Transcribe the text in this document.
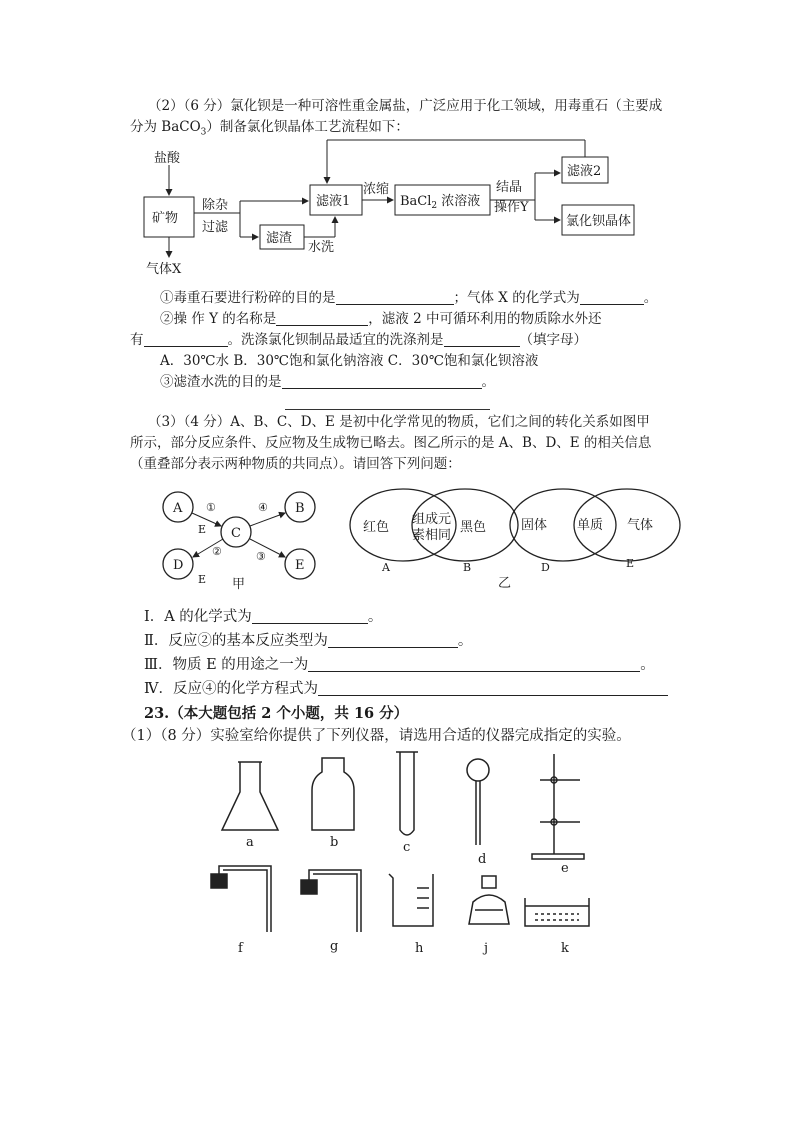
（2）（6 分）氯化钡是一种可溶性重金属盐，广泛应用于化工领域，用毒重石（主要成
分为 BaCO$_3$）制备氯化钡晶体工艺流程如下：
盐酸
矿物
除杂
过滤
气体X
滤液1
滤渣
水洗
浓缩
BaCl$_2$ 浓溶液
结晶
操作Y
滤液2
氯化钡晶体
①毒重石要进行粉碎的目的是	；气体 X 的化学式为	。
②操 作 Y 的名称是	，滤液 2 中可循环利用的物质除水外还
有	。洗涤氯化钡制品最适宜的洗涤剂是	（填字母）
A．30℃水 B．30℃饱和氯化钠溶液 C．30℃饱和氯化钡溶液
③滤渣水洗的目的是	。
（3）（4 分）A、B、C、D、E 是初中化学常见的物质，它们之间的转化关系如图甲
所示，部分反应条件、反应物及生成物已略去。图乙所示的是 A、B、D、E 的相关信息
（重叠部分表示两种物质的共同点）。请回答下列问题：
A
C
B
D	E
①	④
②	③
E
E 甲
红色
组成元
素相同
黑色	固体 单质 气体
A	B	D	E
乙
Ⅰ．A 的化学式为	。
Ⅱ．反应②的基本反应类型为	。
Ⅲ．物质 E 的用途之一为	。
Ⅳ．反应④的化学方程式为
23.（本大题包括 2 个小题，共 16 分）
（1）（8 分）实验室给你提供了下列仪器，请选用合适的仪器完成指定的实验。
a	b	c
d
e
f	g	h	j	k
